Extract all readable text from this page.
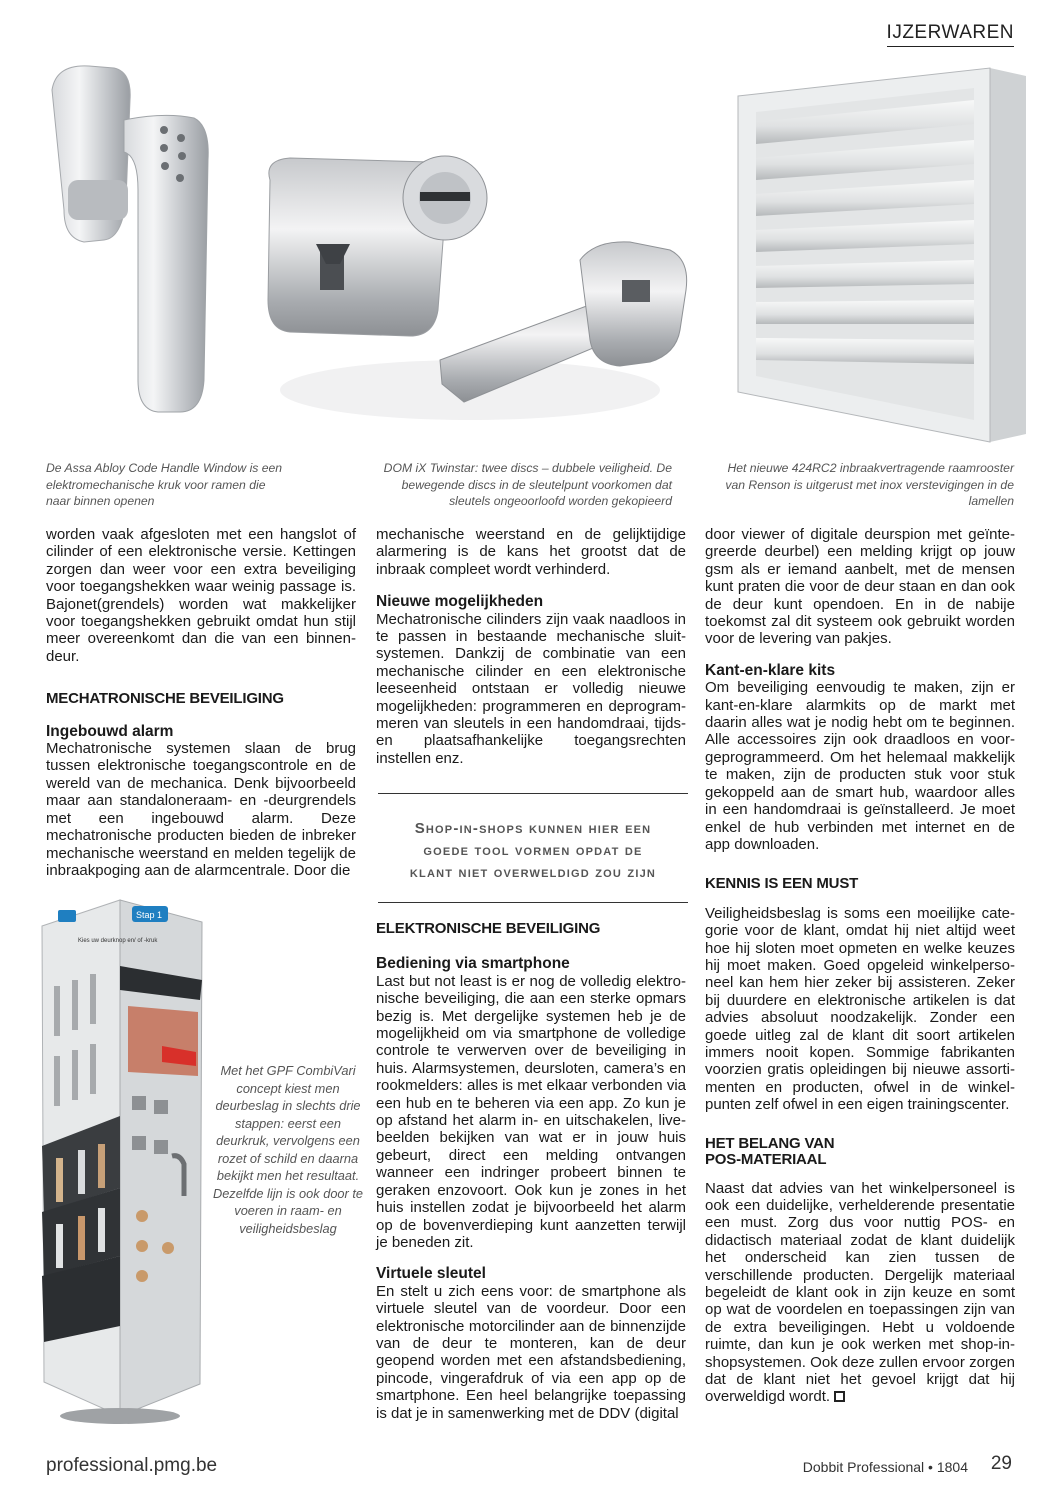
IJZERWAREN
De Assa Abloy Code Handle Window is een elektromechanische kruk voor ramen die naar binnen openen
DOM iX Twinstar: twee discs – dubbele veiligheid. De bewegende discs in de sleutelpunt voorkomen dat sleutels ongeoorloofd worden gekopieerd
Het nieuwe 424RC2 inbraakvertragende raamrooster van Renson is uitgerust met inox verstevigingen in de lamellen

worden vaak afgesloten met een hangslot of cilinder of een elektronische versie. Kettingen zorgen dan weer voor een extra beveiliging voor toegangshekken waar weinig passage is. Bajonet(grendels) worden wat makkelijker voor toegangshekken gebruikt omdat hun stijl meer overeenkomt dan die van een binnendeur.

MECHATRONISCHE BEVEILIGING
Ingebouwd alarm

Mechatronische systemen slaan de brug tussen elektronische toegangscontrole en de wereld van de mechanica. Denk bijvoorbeeld maar aan standaloneraam- en -deurgrendels met een ingebouwd alarm. Deze mechatronische producten bieden de inbreker mechanische weerstand en melden tegelijk de inbraakpoging aan de alarmcentrale. Door die

Stap 1
Kies uw deurknop en/ of -kruk
Met het GPF CombiVari concept kiest men deurbeslag in slechts drie stappen: eerst een deurkruk, vervolgens een rozet of schild en daarna bekijkt men het resultaat. Dezelfde lijn is ook door te voeren in raam- en veiligheidsbeslag

mechanische weerstand en de gelijktijdige alarmering is de kans het grootst dat de inbraak compleet wordt verhinderd.

Nieuwe mogelijkheden

Mechatronische cilinders zijn vaak naadloos in te passen in bestaande mechanische sluitsystemen. Dankzij de combinatie van een mechanische cilinder en een elektronische leeseenheid ontstaan er volledig nieuwe mogelijkheden: programmeren en deprogrammeren van sleutels in een handomdraai, tijds- en plaatsafhankelijke toegangsrechten instellen enz.

Shop-in-shops kunnen hier een goede tool vormen opdat de klant niet overweldigd zou zijn
ELEKTRONISCHE BEVEILIGING
Bediening via smartphone

Last but not least is er nog de volledig elektronische beveiliging, die aan een sterke opmars bezig is. Met dergelijke systemen heb je de mogelijkheid om via smartphone de volledige controle te verwerven over de beveiliging in huis. Alarmsystemen, deursloten, camera’s en rookmelders: alles is met elkaar verbonden via een hub en te beheren via een app. Zo kun je op afstand het alarm in- en uitschakelen, livebeelden bekijken van wat er in jouw huis gebeurt, direct een melding ontvangen wanneer een indringer probeert binnen te geraken enzovoort. Ook kun je zones in het huis instellen zodat je bijvoorbeeld het alarm op de bovenverdieping kunt aanzetten terwijl je beneden zit.

Virtuele sleutel

En stelt u zich eens voor: de smartphone als virtuele sleutel van de voordeur. Door een elektronische motorcilinder aan de binnenzijde van de deur te monteren, kan de deur geopend worden met een afstandsbediening, pincode, vingerafdruk of via een app op de smartphone. Een heel belangrijke toepassing is dat je in samenwerking met de DDV (digital

door viewer of digitale deurspion met geïntegreerde deurbel) een melding krijgt op jouw gsm als er iemand aanbelt, met de mensen kunt praten die voor de deur staan en dan ook de deur kunt opendoen. En in de nabije toekomst zal dit systeem ook gebruikt worden voor de levering van pakjes.

Kant-en-klare kits

Om beveiliging eenvoudig te maken, zijn er kant-en-klare alarmkits op de markt met daarin alles wat je nodig hebt om te beginnen. Alle accessoires zijn ook draadloos en voorgeprogrammeerd. Om het helemaal makkelijk te maken, zijn de producten stuk voor stuk gekoppeld aan de smart hub, waardoor alles in een handomdraai is geïnstalleerd. Je moet enkel de hub verbinden met internet en de app downloaden.

KENNIS IS EEN MUST

Veiligheidsbeslag is soms een moeilijke categorie voor de klant, omdat hij niet altijd weet hoe hij sloten moet opmeten en welke keuzes hij moet maken. Goed opgeleid winkelpersoneel kan hem hier zeker bij assisteren. Zeker bij duurdere en elektronische artikelen is dat advies absoluut noodzakelijk. Zonder een goede uitleg zal de klant dit soort artikelen immers nooit kopen. Sommige fabrikanten voorzien gratis opleidingen bij nieuwe assortimenten en producten, ofwel in de winkelpunten zelf ofwel in een eigen trainingscenter.

HET BELANG VAN
POS-MATERIAAL

Naast dat advies van het winkelpersoneel is ook een duidelijke, verhelderende presentatie een must. Zorg dus voor nuttig POS- en didactisch materiaal zodat de klant duidelijk het onderscheid kan zien tussen de verschillende producten. Dergelijk materiaal begeleidt de klant ook in zijn keuze en somt op wat de voordelen en toepassingen zijn van de extra beveiligingen. Hebt u voldoende ruimte, dan kun je ook werken met shop-in-shopsystemen. Ook deze zullen ervoor zorgen dat de klant niet het gevoel krijgt dat hij overweldigd wordt.

professional.pmg.be	Dobbit Professional • 1804 29
